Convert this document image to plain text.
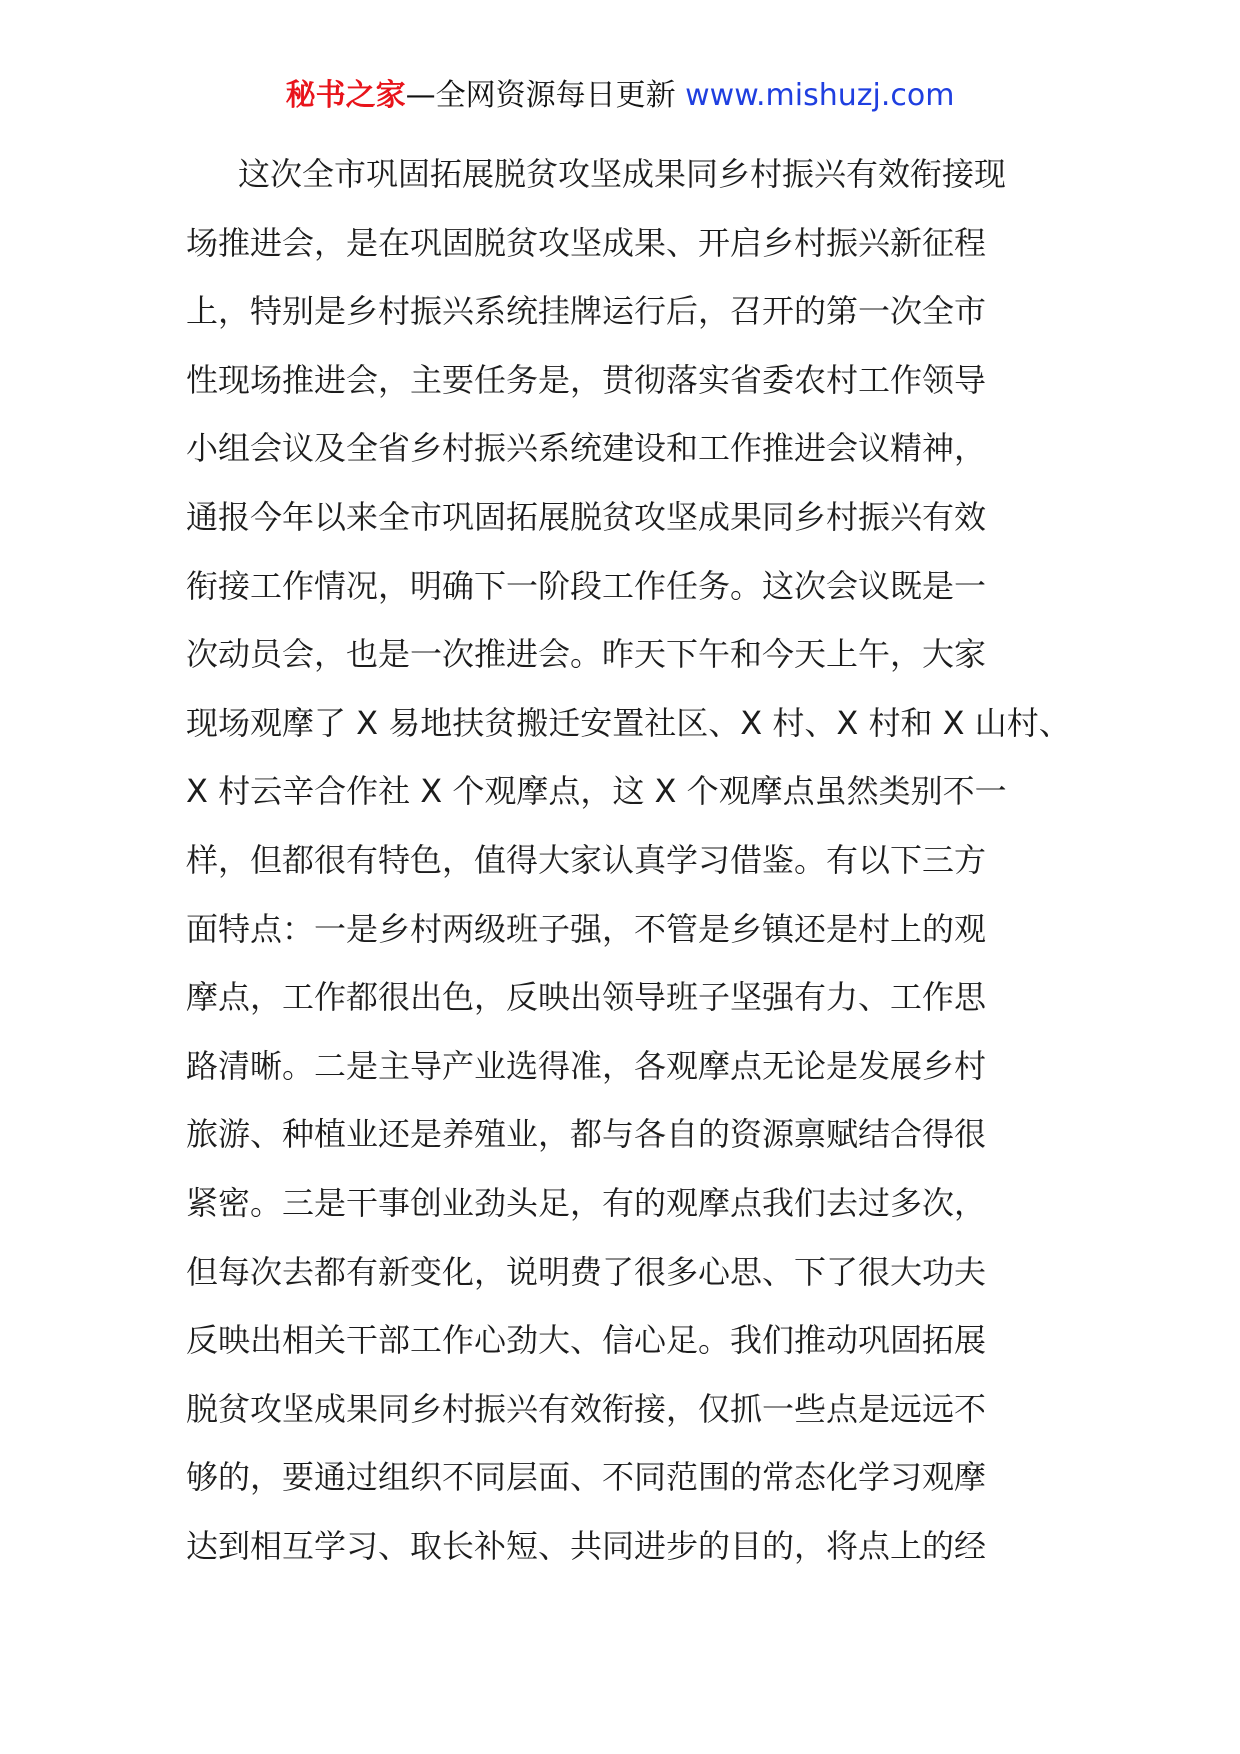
秘书之家—全网资源每日更新 www.mishuzj.com
这次全市巩固拓展脱贫攻坚成果同乡村振兴有效衔接现
场推进会，是在巩固脱贫攻坚成果、开启乡村振兴新征程
上，特别是乡村振兴系统挂牌运行后，召开的第一次全市
性现场推进会，主要任务是，贯彻落实省委农村工作领导
小组会议及全省乡村振兴系统建设和工作推进会议精神，
通报今年以来全市巩固拓展脱贫攻坚成果同乡村振兴有效
衔接工作情况，明确下一阶段工作任务。这次会议既是一
次动员会，也是一次推进会。昨天下午和今天上午，大家
现场观摩了 X 易地扶贫搬迁安置社区、X 村、X 村和 X 山村、
X 村云辛合作社 X 个观摩点，这 X 个观摩点虽然类别不一
样，但都很有特色，值得大家认真学习借鉴。有以下三方
面特点：一是乡村两级班子强，不管是乡镇还是村上的观
摩点，工作都很出色，反映出领导班子坚强有力、工作思
路清晰。二是主导产业选得准，各观摩点无论是发展乡村
旅游、种植业还是养殖业，都与各自的资源禀赋结合得很
紧密。三是干事创业劲头足，有的观摩点我们去过多次，
但每次去都有新变化，说明费了很多心思、下了很大功夫
反映出相关干部工作心劲大、信心足。我们推动巩固拓展
脱贫攻坚成果同乡村振兴有效衔接，仅抓一些点是远远不
够的，要通过组织不同层面、不同范围的常态化学习观摩
达到相互学习、取长补短、共同进步的目的，将点上的经
